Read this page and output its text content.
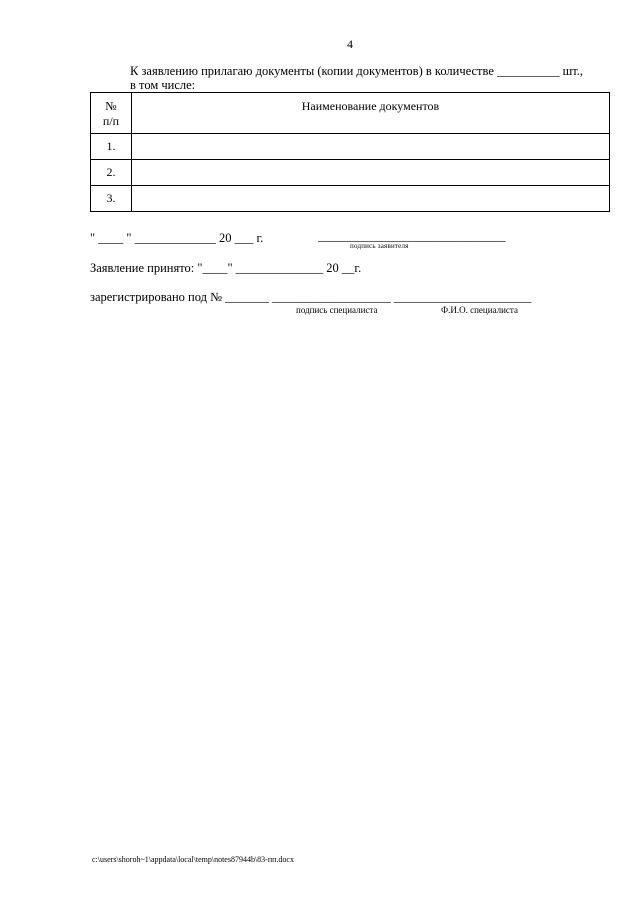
4
К заявлению прилагаю документы (копии документов) в количестве __________ шт.,
в том числе:
№
п/п	Наименование документов
1.	
2.	
3.	
" ____ " _____________ 20 ___ г.	______________________________
подпись заявителя
Заявление принято: "____" ______________ 20 __г.
зарегистрировано под № _______ ___________________ ______________________
подпись специалиста	Ф.И.О. специалиста
c:\users\shoroh~1\appdata\local\temp\notes87944b\83-пп.docx
